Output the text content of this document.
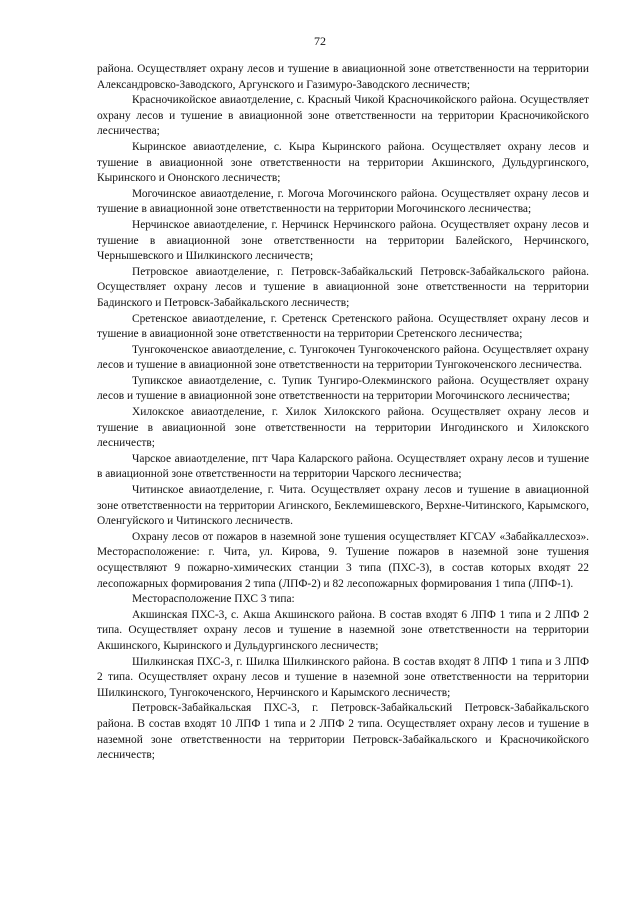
72

района. Осуществляет охрану лесов и тушение в авиационной зоне ответственности на территории Александровско-Заводского, Аргунского и Газимуро-Заводского лесничеств;

Красночикойское авиаотделение, с. Красный Чикой Красночикойского района. Осуществляет охрану лесов и тушение в авиационной зоне ответственности на территории Красночикойского лесничества;

Кыринское авиаотделение, с. Кыра Кыринского района. Осуществляет охрану лесов и тушение в авиационной зоне ответственности на территории Акшинского, Дульдургинского, Кыринского и Ононского лесничеств;

Могочинское авиаотделение, г. Могоча Могочинского района. Осуществляет охрану лесов и тушение в авиационной зоне ответственности на территории Могочинского лесничества;

Нерчинское авиаотделение, г. Нерчинск Нерчинского района. Осуществляет охрану лесов и тушение в авиационной зоне ответственности на территории Балейского, Нерчинского, Чернышевского и Шилкинского лесничеств;

Петровское авиаотделение, г. Петровск-Забайкальский Петровск-Забайкальского района. Осуществляет охрану лесов и тушение в авиационной зоне ответственности на территории Бадинского и Петровск-Забайкальского лесничеств;

Сретенское авиаотделение, г. Сретенск Сретенского района. Осуществляет охрану лесов и тушение в авиационной зоне ответственности на территории Сретенского лесничества;

Тунгокоченское авиаотделение, с. Тунгокочен Тунгокоченского района. Осуществляет охрану лесов и тушение в авиационной зоне ответственности на территории Тунгокоченского лесничества.

Тупикское авиаотделение, с. Тупик Тунгиро-Олекминского района. Осуществляет охрану лесов и тушение в авиационной зоне ответственности на территории Могочинского лесничества;

Хилокское авиаотделение, г. Хилок Хилокского района. Осуществляет охрану лесов и тушение в авиационной зоне ответственности на территории Ингодинского и Хилокского лесничеств;

Чарское авиаотделение, пгт Чара Каларского района. Осуществляет охрану лесов и тушение в авиационной зоне ответственности на территории Чарского лесничества;

Читинское авиаотделение, г. Чита. Осуществляет охрану лесов и тушение в авиационной зоне ответственности на территории Агинского, Беклемишевского, Верхне-Читинского, Карымского, Оленгуйского и Читинского лесничеств.

Охрану лесов от пожаров в наземной зоне тушения осуществляет КГСАУ «Забайкаллесхоз». Месторасположение: г. Чита, ул. Кирова, 9. Тушение пожаров в наземной зоне тушения осуществляют 9 пожарно-химических станции 3 типа (ПХС-3), в состав которых входят 22 лесопожарных формирования 2 типа (ЛПФ-2) и 82 лесопожарных формирования 1 типа (ЛПФ-1).

Месторасположение ПХС 3 типа:

Акшинская ПХС-3, с. Акша Акшинского района. В состав входят 6 ЛПФ 1 типа и 2 ЛПФ 2 типа. Осуществляет охрану лесов и тушение в наземной зоне ответственности на территории Акшинского, Кыринского и Дульдургинского лесничеств;

Шилкинская ПХС-3, г. Шилка Шилкинского района. В состав входят 8 ЛПФ 1 типа и 3 ЛПФ 2 типа. Осуществляет охрану лесов и тушение в наземной зоне ответственности на территории Шилкинского, Тунгокоченского, Нерчинского и Карымского лесничеств;

Петровск-Забайкальская ПХС-3, г. Петровск-Забайкальский Петровск-Забайкальского района. В состав входят 10 ЛПФ 1 типа и 2 ЛПФ 2 типа. Осуществляет охрану лесов и тушение в наземной зоне ответственности на территории Петровск-Забайкальского и Красночикойского лесничеств;
